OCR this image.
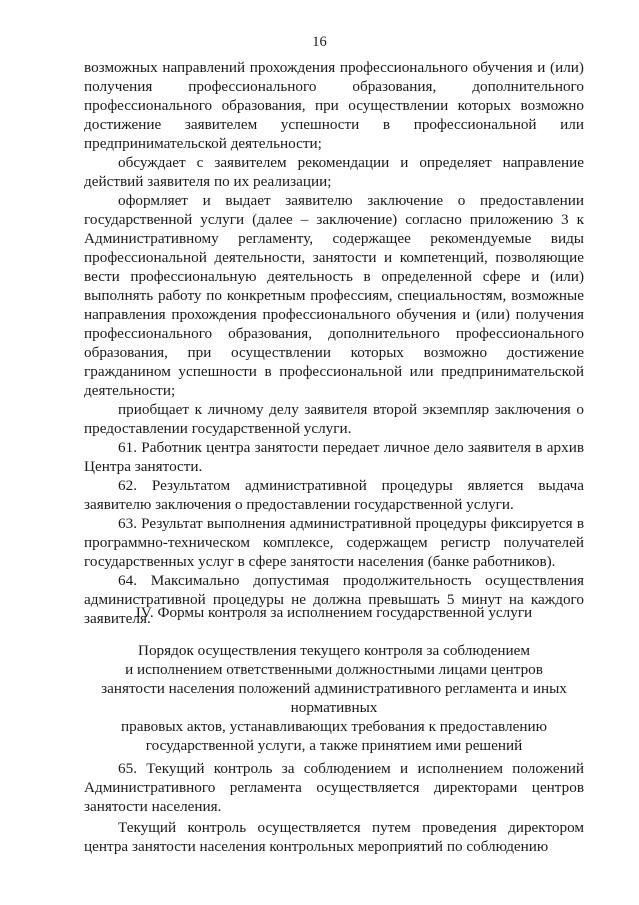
16

возможных направлений прохождения профессионального обучения и (или) получения профессионального образования, дополнительного профессионального образования, при осуществлении которых возможно достижение заявителем успешности в профессиональной или предпринимательской деятельности;

обсуждает с заявителем рекомендации и определяет направление действий заявителя по их реализации;

оформляет и выдает заявителю заключение о предоставлении государственной услуги (далее – заключение) согласно приложению 3 к Административному регламенту, содержащее рекомендуемые виды профессиональной деятельности, занятости и компетенций, позволяющие вести профессиональную деятельность в определенной сфере и (или) выполнять работу по конкретным профессиям, специальностям, возможные направления прохождения профессионального обучения и (или) получения профессионального образования, дополнительного профессионального образования, при осуществлении которых возможно достижение гражданином успешности в профессиональной или предпринимательской деятельности;

приобщает к личному делу заявителя второй экземпляр заключения о предоставлении государственной услуги.

61. Работник центра занятости передает личное дело заявителя в архив Центра занятости.

62. Результатом административной процедуры является выдача заявителю заключения о предоставлении государственной услуги.

63. Результат выполнения административной процедуры фиксируется в программно-техническом комплексе, содержащем регистр получателей государственных услуг в сфере занятости населения (банке работников).

64. Максимально допустимая продолжительность осуществления административной процедуры не должна превышать 5 минут на каждого заявителя.

IV. Формы контроля за исполнением государственной услуги
Порядок осуществления текущего контроля за соблюдением
и исполнением ответственными должностными лицами центров
занятости населения положений административного регламента и иных
нормативных
правовых актов, устанавливающих требования к предоставлению
государственной услуги, а также принятием ими решений

65. Текущий контроль за соблюдением и исполнением положений Административного регламента осуществляется директорами центров занятости населения.

Текущий контроль осуществляется путем проведения директором центра занятости населения контрольных мероприятий по соблюдению
